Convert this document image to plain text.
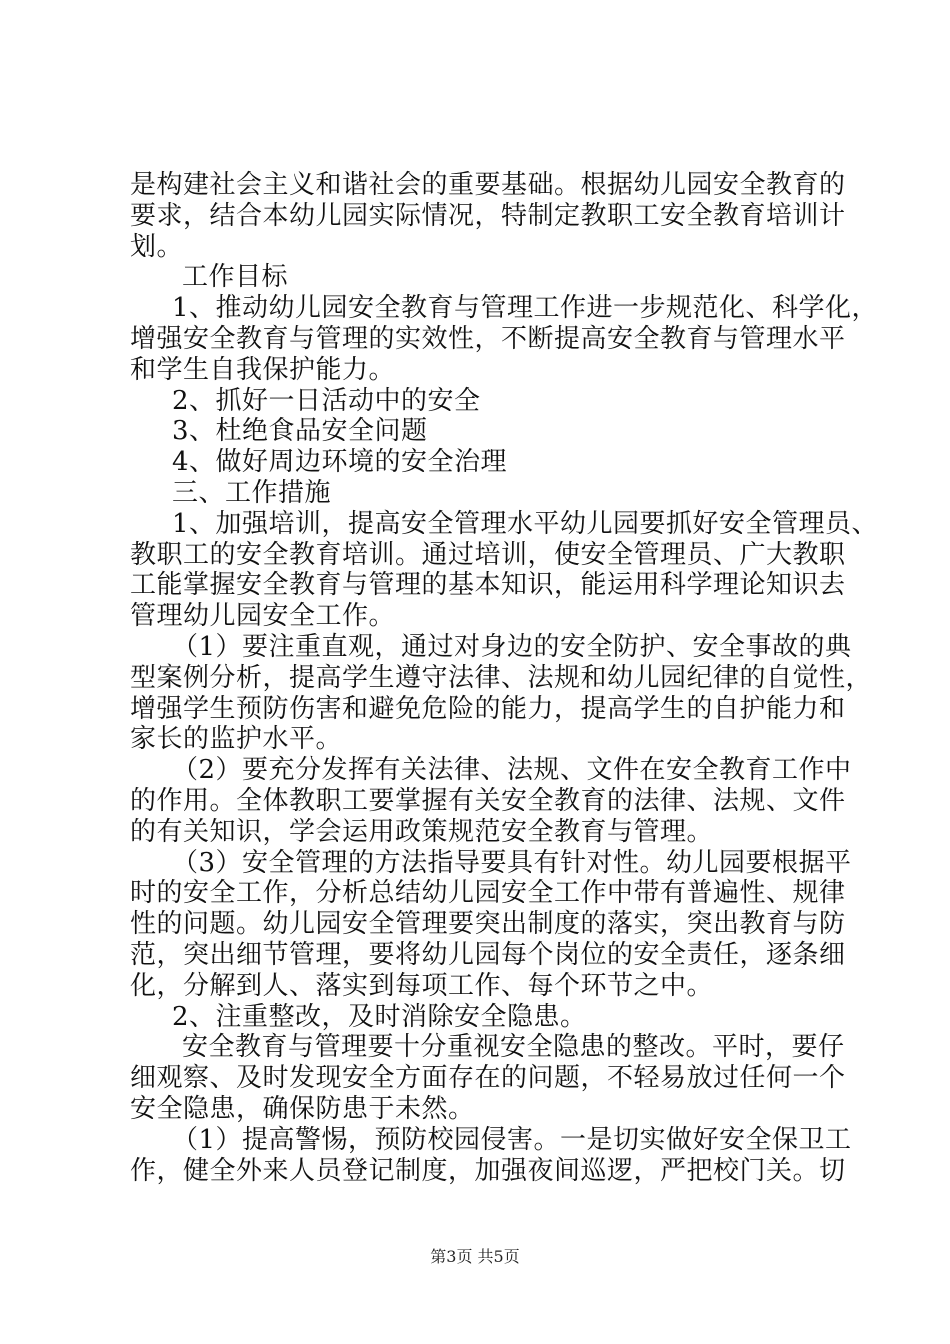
是构建社会主义和谐社会的重要基础。根据幼儿园安全教育的
要求，结合本幼儿园实际情况，特制定教职工安全教育培训计
划。
工作目标
1、推动幼儿园安全教育与管理工作进一步规范化、科学化，
增强安全教育与管理的实效性，不断提高安全教育与管理水平
和学生自我保护能力。
2、抓好一日活动中的安全
3、杜绝食品安全问题
4、做好周边环境的安全治理
三、工作措施
1、加强培训，提高安全管理水平幼儿园要抓好安全管理员、
教职工的安全教育培训。通过培训，使安全管理员、广大教职
工能掌握安全教育与管理的基本知识，能运用科学理论知识去
管理幼儿园安全工作。
（1）要注重直观，通过对身边的安全防护、安全事故的典
型案例分析，提高学生遵守法律、法规和幼儿园纪律的自觉性，
增强学生预防伤害和避免危险的能力，提高学生的自护能力和
家长的监护水平。
（2）要充分发挥有关法律、法规、文件在安全教育工作中
的作用。全体教职工要掌握有关安全教育的法律、法规、文件
的有关知识，学会运用政策规范安全教育与管理。
（3）安全管理的方法指导要具有针对性。幼儿园要根据平
时的安全工作，分析总结幼儿园安全工作中带有普遍性、规律
性的问题。幼儿园安全管理要突出制度的落实，突出教育与防
范，突出细节管理，要将幼儿园每个岗位的安全责任，逐条细
化，分解到人、落实到每项工作、每个环节之中。
2、注重整改，及时消除安全隐患。
安全教育与管理要十分重视安全隐患的整改。平时，要仔
细观察、及时发现安全方面存在的问题，不轻易放过任何一个
安全隐患，确保防患于未然。
（1）提高警惕，预防校园侵害。一是切实做好安全保卫工
作，健全外来人员登记制度，加强夜间巡逻，严把校门关。切
第3页 共5页
